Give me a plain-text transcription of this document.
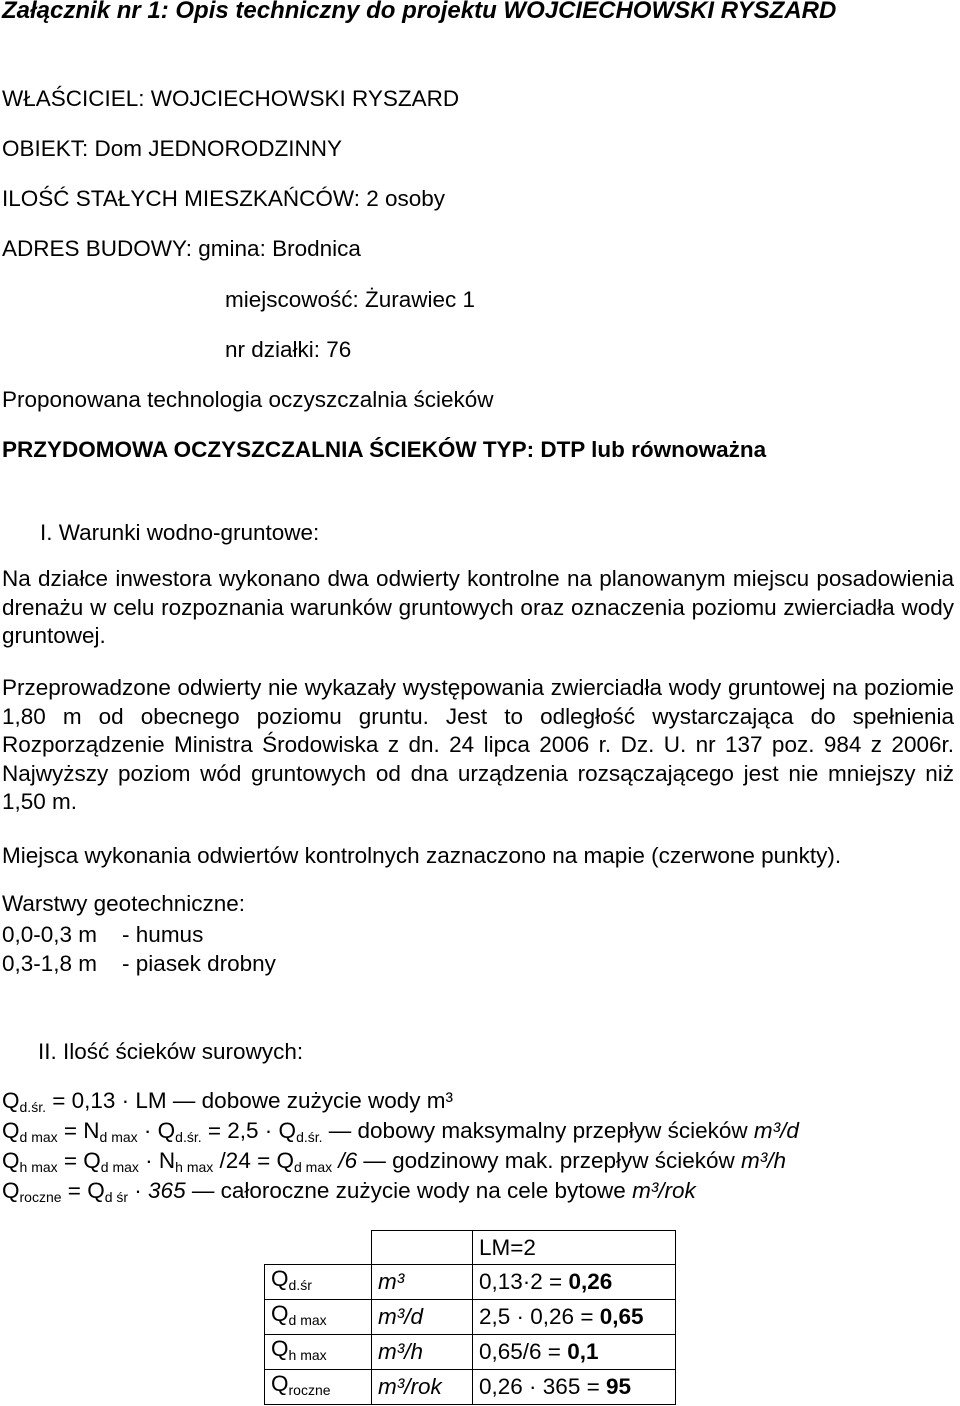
Załącznik nr 1: Opis techniczny do projektu WOJCIECHOWSKI RYSZARD
WŁAŚCICIEL: WOJCIECHOWSKI RYSZARD
OBIEKT: Dom JEDNORODZINNY
ILOŚĆ STAŁYCH MIESZKAŃCÓW: 2 osoby
ADRES BUDOWY: gmina: Brodnica
miejscowość: Żurawiec 1
nr działki: 76
Proponowana technologia oczyszczalnia ścieków
PRZYDOMOWA OCZYSZCZALNIA ŚCIEKÓW TYP: DTP lub równoważna
I. Warunki wodno-gruntowe:

Na działce inwestora wykonano dwa odwierty kontrolne na planowanym miejscu posadowienia drenażu w celu rozpoznania warunków gruntowych oraz oznaczenia poziomu zwierciadła wody gruntowej.

Przeprowadzone odwierty nie wykazały występowania zwierciadła wody gruntowej na poziomie 1,80 m od obecnego poziomu gruntu. Jest to odległość wystarczająca do spełnienia Rozporządzenie Ministra Środowiska z dn. 24 lipca 2006 r. Dz. U. nr 137 poz. 984 z 2006r. Najwyższy poziom wód gruntowych od dna urządzenia rozsączającego jest nie mniejszy niż 1,50 m.

Miejsca wykonania odwiertów kontrolnych zaznaczono na mapie (czerwone punkty).

Warstwy geotechniczne:
0,0-0,3 m    - humus
0,3-1,8 m    - piasek drobny
II. Ilość ścieków surowych:
$Q_{d.śr.} = 0,13$ · LM — dobowe zużycie wody m³
$Q_{d max} = N_{d max} \cdot Q_{d.śr.} = 2,5 \cdot Q_{d.śr.}$ — dobowy maksymalny przepływ ścieków m³/d
$Q_{h max} = Q_{d max} \cdot N_{h max}$ $/24 = Q_{d max}$ /6 — godzinowy mak. przepływ ścieków m³/h
$Q_{roczne} = Q_{d śr} \cdot 365$ — całoroczne zużycie wody na cele bytowe m³/rok
		LM=2
$Q_{d.śr}$	m³	0,13·2 = 0,26
$Q_{d max}$	m³/d	2,5 · 0,26 = 0,65
$Q_{h max}$	m³/h	0,65/6 = 0,1
$Q_{roczne}$	m³/rok	0,26 · 365 = 95
